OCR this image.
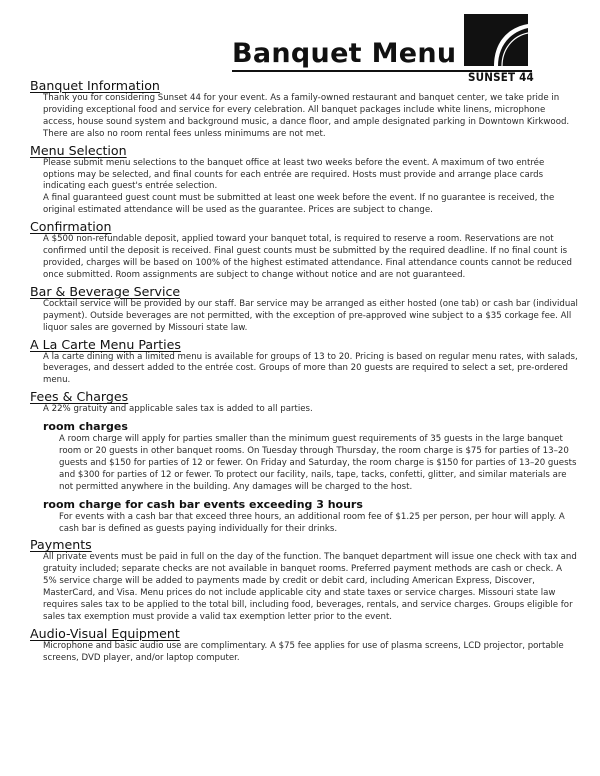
Banquet Menu
SUNSET 44
Banquet Information

Thank you for considering Sunset 44 for your event. As a family-owned restaurant and banquet center, we take pride in providing exceptional food and service for every celebration. All banquet packages include white linens, microphone access, house sound system and background music, a dance floor, and ample designated parking in Downtown Kirkwood. There are also no room rental fees unless minimums are not met.

Menu Selection

Please submit menu selections to the banquet office at least two weeks before the event. A maximum of two entrée options may be selected, and final counts for each entrée are required. Hosts must provide and arrange place cards indicating each guest's entrée selection.

A final guaranteed guest count must be submitted at least one week before the event. If no guarantee is received, the original estimated attendance will be used as the guarantee. Prices are subject to change.

Confirmation

A $500 non-refundable deposit, applied toward your banquet total, is required to reserve a room. Reservations are not confirmed until the deposit is received. Final guest counts must be submitted by the required deadline. If no final count is provided, charges will be based on 100% of the highest estimated attendance. Final attendance counts cannot be reduced once submitted. Room assignments are subject to change without notice and are not guaranteed.

Bar & Beverage Service

Cocktail service will be provided by our staff. Bar service may be arranged as either hosted (one tab) or cash bar (individual payment). Outside beverages are not permitted, with the exception of pre-approved wine subject to a $35 corkage fee. All liquor sales are governed by Missouri state law.

A La Carte Menu Parties

A la carte dining with a limited menu is available for groups of 13 to 20. Pricing is based on regular menu rates, with salads, beverages, and dessert added to the entrée cost. Groups of more than 20 guests are required to select a set, pre-ordered menu.

Fees & Charges

A 22% gratuity and applicable sales tax is added to all parties.

room charges

A room charge will apply for parties smaller than the minimum guest requirements of 35 guests in the large banquet room or 20 guests in other banquet rooms. On Tuesday through Thursday, the room charge is $75 for parties of 13–20 guests and $150 for parties of 12 or fewer. On Friday and Saturday, the room charge is $150 for parties of 13–20 guests and $300 for parties of 12 or fewer. To protect our facility, nails, tape, tacks, confetti, glitter, and similar materials are not permitted anywhere in the building. Any damages will be charged to the host.

room charge for cash bar events exceeding 3 hours

For events with a cash bar that exceed three hours, an additional room fee of $1.25 per person, per hour will apply. A cash bar is defined as guests paying individually for their drinks.

Payments

All private events must be paid in full on the day of the function. The banquet department will issue one check with tax and gratuity included; separate checks are not available in banquet rooms. Preferred payment methods are cash or check. A 5% service charge will be added to payments made by credit or debit card, including American Express, Discover, MasterCard, and Visa. Menu prices do not include applicable city and state taxes or service charges. Missouri state law requires sales tax to be applied to the total bill, including food, beverages, rentals, and service charges. Groups eligible for sales tax exemption must provide a valid tax exemption letter prior to the event.

Audio-Visual Equipment

Microphone and basic audio use are complimentary. A $75 fee applies for use of plasma screens, LCD projector, portable screens, DVD player, and/or laptop computer.
